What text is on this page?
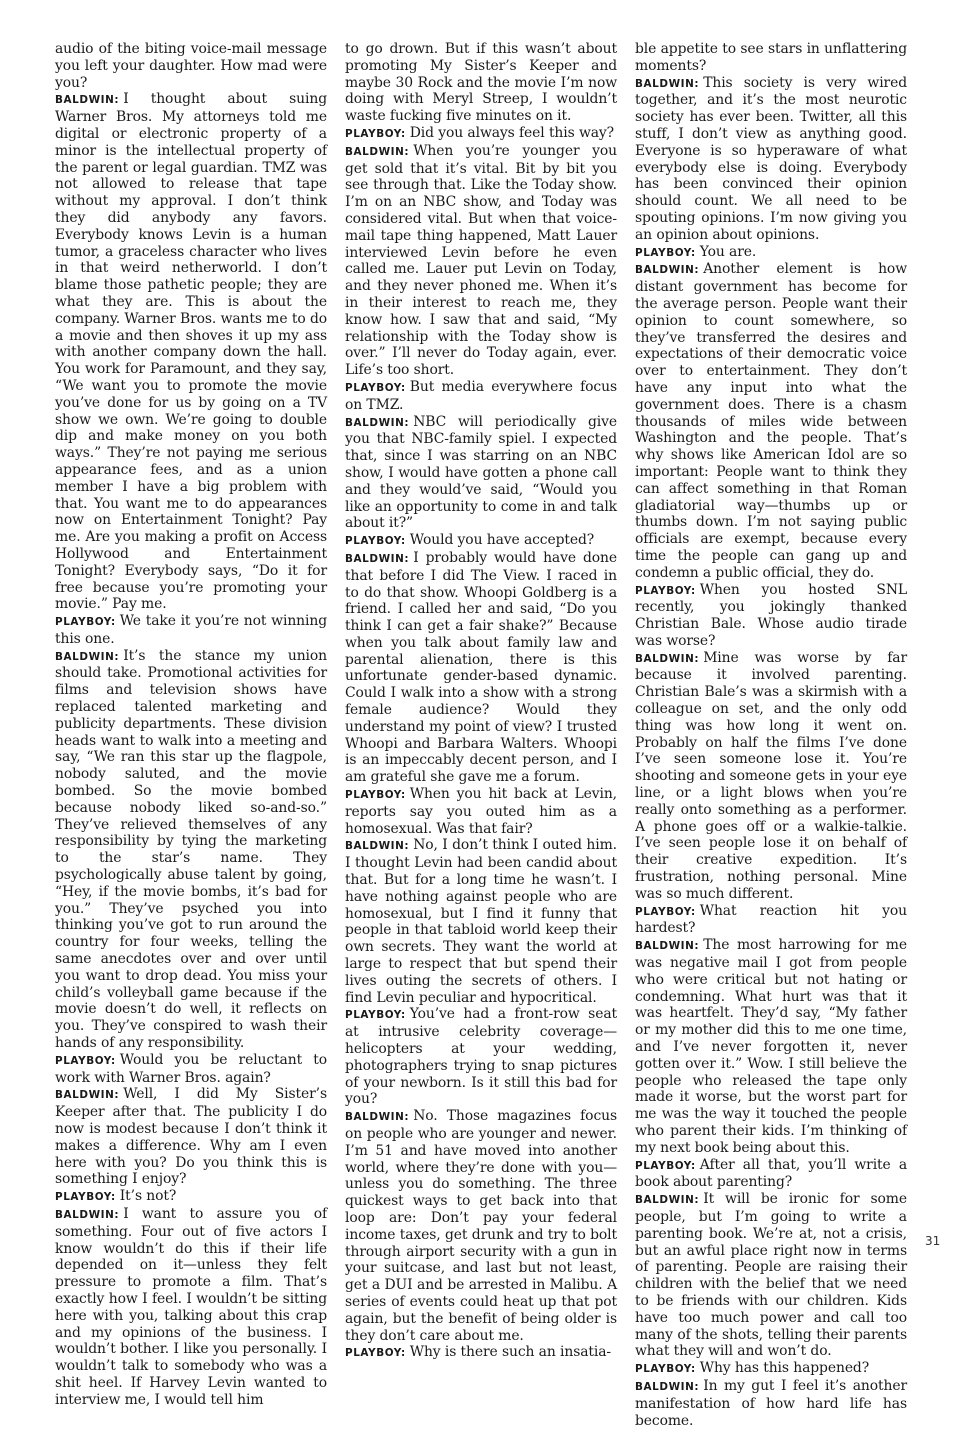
audio of the biting voice-mail message you left your daughter. How mad were you?

BALDWIN: I thought about suing Warner Bros. My attorneys told me digital or electronic property of a minor is the intellectual property of the parent or legal guardian. TMZ was not allowed to release that tape without my approval. I don’t think they did anybody any favors. Everybody knows Levin is a human tumor, a graceless character who lives in that weird netherworld. I don’t blame those pathetic people; they are what they are. This is about the company. Warner Bros. wants me to do a movie and then shoves it up my ass with another company down the hall. You work for Paramount, and they say, “We want you to promote the movie you’ve done for us by going on a TV show we own. We’re going to double dip and make money on you both ways.” They’re not paying me serious appearance fees, and as a union member I have a big problem with that. You want me to do appearances now on Entertainment Tonight? Pay me. Are you making a profit on Access Hollywood and Entertainment Tonight? Everybody says, “Do it for free because you’re promoting your movie.” Pay me.

PLAYBOY: We take it you’re not winning this one.

BALDWIN: It’s the stance my union should take. Promotional activities for films and television shows have replaced talented marketing and publicity departments. These division heads want to walk into a meeting and say, “We ran this star up the flagpole, nobody saluted, and the movie bombed. So the movie bombed because nobody liked so-and-so.” They’ve relieved themselves of any responsibility by tying the marketing to the star’s name. They psychologically abuse talent by going, “Hey, if the movie bombs, it’s bad for you.” They’ve psyched you into thinking you’ve got to run around the country for four weeks, telling the same anecdotes over and over until you want to drop dead. You miss your child’s volleyball game because if the movie doesn’t do well, it reflects on you. They’ve conspired to wash their hands of any responsibility.

PLAYBOY: Would you be reluctant to work with Warner Bros. again?

BALDWIN: Well, I did My Sister’s Keeper after that. The publicity I do now is modest because I don’t think it makes a difference. Why am I even here with you? Do you think this is something I enjoy?

PLAYBOY: It’s not?

BALDWIN: I want to assure you of something. Four out of five actors I know wouldn’t do this if their life depended on it—unless they felt pressure to promote a film. That’s exactly how I feel. I wouldn’t be sitting here with you, talking about this crap and my opinions of the business. I wouldn’t bother. I like you personally. I wouldn’t talk to somebody who was a shit heel. If Harvey Levin wanted to interview me, I would tell him

to go drown. But if this wasn’t about promoting My Sister’s Keeper and maybe 30 Rock and the movie I’m now doing with Meryl Streep, I wouldn’t waste fucking five minutes on it.

PLAYBOY: Did you always feel this way?

BALDWIN: When you’re younger you get sold that it’s vital. Bit by bit you see through that. Like the Today show. I’m on an NBC show, and Today was considered vital. But when that voice-mail tape thing happened, Matt Lauer interviewed Levin before he even called me. Lauer put Levin on Today, and they never phoned me. When it’s in their interest to reach me, they know how. I saw that and said, “My relationship with the Today show is over.” I’ll never do Today again, ever. Life’s too short.

PLAYBOY: But media everywhere focus on TMZ.

BALDWIN: NBC will periodically give you that NBC-family spiel. I expected that, since I was starring on an NBC show, I would have gotten a phone call and they would’ve said, “Would you like an opportunity to come in and talk about it?”

PLAYBOY: Would you have accepted?

BALDWIN: I probably would have done that before I did The View. I raced in to do that show. Whoopi Goldberg is a friend. I called her and said, “Do you think I can get a fair shake?” Because when you talk about family law and parental alienation, there is this unfortunate gender-based dynamic. Could I walk into a show with a strong female audience? Would they understand my point of view? I trusted Whoopi and Barbara Walters. Whoopi is an impeccably decent person, and I am grateful she gave me a forum.

PLAYBOY: When you hit back at Levin, reports say you outed him as a homosexual. Was that fair?

BALDWIN: No, I don’t think I outed him. I thought Levin had been candid about that. But for a long time he wasn’t. I have nothing against people who are homosexual, but I find it funny that people in that tabloid world keep their own secrets. They want the world at large to respect that but spend their lives outing the secrets of others. I find Levin peculiar and hypocritical.

PLAYBOY: You’ve had a front-row seat at intrusive celebrity coverage—helicopters at your wedding, photographers trying to snap pictures of your newborn. Is it still this bad for you?

BALDWIN: No. Those magazines focus on people who are younger and newer. I’m 51 and have moved into another world, where they’re done with you—unless you do something. The three quickest ways to get back into that loop are: Don’t pay your federal income taxes, get drunk and try to bolt through airport security with a gun in your suitcase, and last but not least, get a DUI and be arrested in Malibu. A series of events could heat up that pot again, but the benefit of being older is they don’t care about me.

PLAYBOY: Why is there such an insatia-

ble appetite to see stars in unflattering moments?

BALDWIN: This society is very wired together, and it’s the most neurotic society has ever been. Twitter, all this stuff, I don’t view as anything good. Everyone is so hyperaware of what everybody else is doing. Everybody has been convinced their opinion should count. We all need to be spouting opinions. I’m now giving you an opinion about opinions.

PLAYBOY: You are.

BALDWIN: Another element is how distant government has become for the average person. People want their opinion to count somewhere, so they’ve transferred the desires and expectations of their democratic voice over to entertainment. They don’t have any input into what the government does. There is a chasm thousands of miles wide between Washington and the people. That’s why shows like American Idol are so important: People want to think they can affect something in that Roman gladiatorial way—thumbs up or thumbs down. I’m not saying public officials are exempt, because every time the people can gang up and condemn a public official, they do.

PLAYBOY: When you hosted SNL recently, you jokingly thanked Christian Bale. Whose audio tirade was worse?

BALDWIN: Mine was worse by far because it involved parenting. Christian Bale’s was a skirmish with a colleague on set, and the only odd thing was how long it went on. Probably on half the films I’ve done I’ve seen someone lose it. You’re shooting and someone gets in your eye line, or a light blows when you’re really onto something as a performer. A phone goes off or a walkie-talkie. I’ve seen people lose it on behalf of their creative expedition. It’s frustration, nothing personal. Mine was so much different.

PLAYBOY: What reaction hit you hardest?

BALDWIN: The most harrowing for me was negative mail I got from people who were critical but not hating or condemning. What hurt was that it was heartfelt. They’d say, “My father or my mother did this to me one time, and I’ve never forgotten it, never gotten over it.” Wow. I still believe the people who released the tape only made it worse, but the worst part for me was the way it touched the people who parent their kids. I’m thinking of my next book being about this.

PLAYBOY: After all that, you’ll write a book about parenting?

BALDWIN: It will be ironic for some people, but I’m going to write a parenting book. We’re at, not a crisis, but an awful place right now in terms of parenting. People are raising their children with the belief that we need to be friends with our children. Kids have too much power and call too many of the shots, telling their parents what they will and won’t do.

PLAYBOY: Why has this happened?

BALDWIN: In my gut I feel it’s another manifestation of how hard life has become.

31
